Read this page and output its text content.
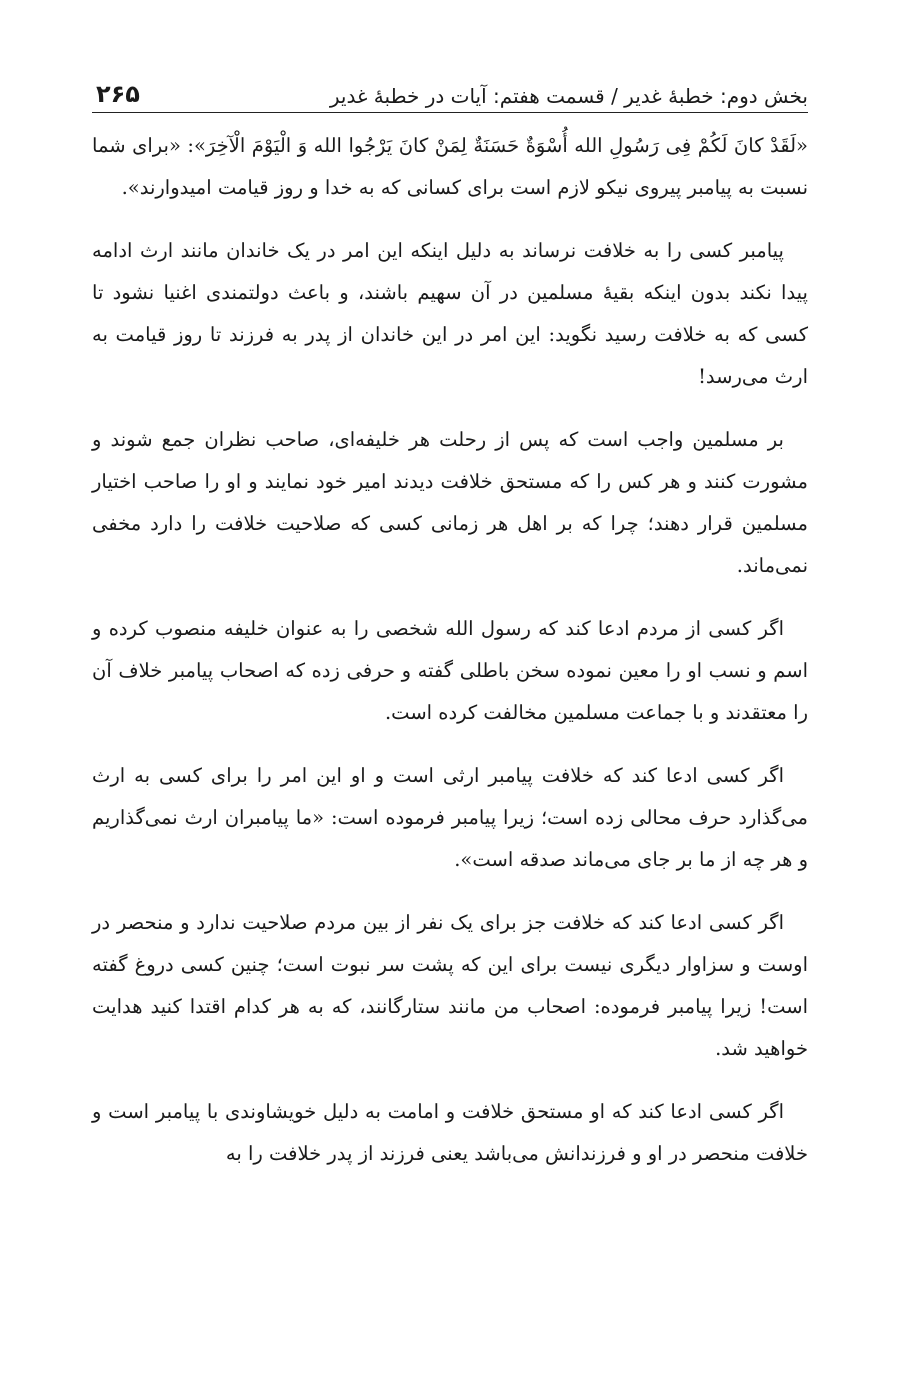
بخش دوم: خطبهٔ غدیر / قسمت هفتم: آیات در خطبهٔ غدیر
۲۶۵

«لَقَدْ کانَ لَکُمْ فِی رَسُولِ الله أُسْوَةٌ حَسَنَةٌ لِمَنْ کانَ یَرْجُوا الله وَ الْیَوْمَ الْآخِرَ»: «برای شما نسبت به پیامبر پیروی نیکو لازم است برای کسانی که به خدا و روز قیامت امیدوارند».

پیامبر کسی را به خلافت نرساند به دلیل اینکه این امر در یک خاندان مانند ارث ادامه پیدا نکند بدون اینکه بقیهٔ مسلمین در آن سهیم باشند، و باعث دولتمندی اغنیا نشود تا کسی که به خلافت رسید نگوید: این امر در این خاندان از پدر به فرزند تا روز قیامت به ارث می‌رسد!

بر مسلمین واجب است که پس از رحلت هر خلیفه‌ای، صاحب نظران جمع شوند و مشورت کنند و هر کس را که مستحق خلافت دیدند امیر خود نمایند و او را صاحب اختیار مسلمین قرار دهند؛ چرا که بر اهل هر زمانی کسی که صلاحیت خلافت را دارد مخفی نمی‌ماند.

اگر کسی از مردم ادعا کند که رسول الله شخصی را به عنوان خلیفه منصوب کرده و اسم و نسب او را معین نموده سخن باطلی گفته و حرفی زده که اصحاب پیامبر خلاف آن را معتقدند و با جماعت مسلمین مخالفت کرده است.

اگر کسی ادعا کند که خلافت پیامبر ارثی است و او این امر را برای کسی به ارث می‌گذارد حرف محالی زده است؛ زیرا پیامبر فرموده است: «ما پیامبران ارث نمی‌گذاریم و هر چه از ما بر جای می‌ماند صدقه است».

اگر کسی ادعا کند که خلافت جز برای یک نفر از بین مردم صلاحیت ندارد و منحصر در اوست و سزاوار دیگری نیست برای این که پشت سر نبوت است؛ چنین کسی دروغ گفته است! زیرا پیامبر فرموده: اصحاب من مانند ستارگانند، که به هر کدام اقتدا کنید هدایت خواهید شد.

اگر کسی ادعا کند که او مستحق خلافت و امامت به دلیل خویشاوندی با پیامبر است و خلافت منحصر در او و فرزندانش می‌باشد یعنی فرزند از پدر خلافت را به
